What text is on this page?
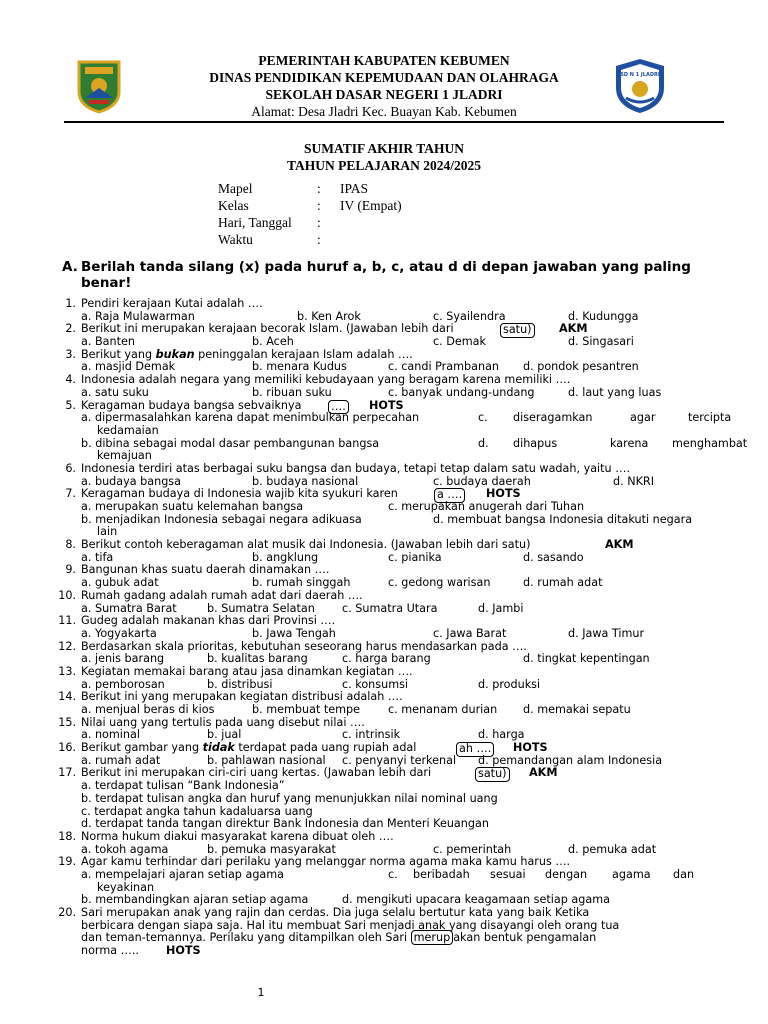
PEMERINTAH KABUPATEN KEBUMEN
DINAS PENDIDIKAN KEPEMUDAAN DAN OLAHRAGA
SEKOLAH DASAR NEGERI 1 JLADRI
Alamat: Desa Jladri Kec. Buayan Kab. Kebumen
SD N 1 JLADRI
SUMATIF AKHIR TAHUN
TAHUN PELAJARAN 2024/2025
Mapel	: IPAS
Kelas	: IV (Empat)
Hari, Tanggal :
Waktu	:
A. Berilah tanda silang (x) pada huruf a, b, c, atau d di depan jawaban yang paling
benar!
1. Pendiri kerajaan Kutai adalah ….
a. Raja Mulawarman	b. Ken Arok	c. Syailendra	d. Kudungga
2. Berikut ini merupakan kerajaan becorak Islam. (Jawaban lebih dari	satu) AKM
a. Banten	b. Aceh	c. Demak	d. Singasari
3. Berikut yang bukan peninggalan kerajaan Islam adalah ….
a. masjid Demak	b. menara Kudus	c. candi Prambanan d. pondok pesantren
4. Indonesia adalah negara yang memiliki kebudayaan yang beragam karena memiliki ….
a. satu suku	b. ribuan suku	c. banyak undang-undang	d. laut yang luas
5. Keragaman budaya bangsa sebvaiknya	…. HOTS
a. dipermasalahkan karena dapat menimbulkan perpecahan	c. diseragamkan	agar	tercipta
kedamaian
b. dibina sebagai modal dasar pembangunan bangsa	d. dihapus	karena menghambat
kemajuan
6. Indonesia terdiri atas berbagai suku bangsa dan budaya, tetapi tetap dalam satu wadah, yaitu ….
a. budaya bangsa	b. budaya nasional	c. budaya daerah	d. NKRI
7. Keragaman budaya di Indonesia wajib kita syukuri karen	a …. HOTS
a. merupakan suatu kelemahan bangsa	c. merupakan anugerah dari Tuhan
b. menjadikan Indonesia sebagai negara adikuasa	d. membuat bangsa Indonesia ditakuti negara
lain
8. Berikut contoh keberagaman alat musik dai Indonesia. (Jawaban lebih dari satu)	AKM
a. tifa	b. angklung	c. pianika	d. sasando
9. Bangunan khas suatu daerah dinamakan ….
a. gubuk adat	b. rumah singgah	c. gedong warisan	d. rumah adat
10. Rumah gadang adalah rumah adat dari daerah ….
a. Sumatra Barat	b. Sumatra Selatan c. Sumatra Utara	d. Jambi
11. Gudeg adalah makanan khas dari Provinsi ….
a. Yogyakarta	b. Jawa Tengah	c. Jawa Barat	d. Jawa Timur
12. Berdasarkan skala prioritas, kebutuhan seseorang harus mendasarkan pada ….
a. jenis barang	b. kualitas barang	c. harga barang	d. tingkat kepentingan
13. Kegiatan memakai barang atau jasa dinamkan kegiatan ….
a. pemborosan	b. distribusi	c. konsumsi	d. produksi
14. Berikut ini yang merupakan kegiatan distribusi adalah ….
a. menjual beras di kios	b. membuat tempe c. menanam durian d. memakai sepatu
15. Nilai uang yang tertulis pada uang disebut nilai ….
a. nominal	b. jual	c. intrinsik	d. harga
16. Berikut gambar yang tidak terdapat pada uang rupiah adal	ah …. HOTS
a. rumah adat	b. pahlawan nasional c. penyanyi terkenal d. pemandangan alam Indonesia
17. Berikut ini merupakan ciri-ciri uang kertas. (Jawaban lebih dari	satu) AKM
a. terdapat tulisan “Bank Indonesia”
b. terdapat tulisan angka dan huruf yang menunjukkan nilai nominal uang
c. terdapat angka tahun kadaluarsa uang
d. terdapat tanda tangan direktur Bank Indonesia dan Menteri Keuangan
18. Norma hukum diakui masyarakat karena dibuat oleh ….
a. tokoh agama	b. pemuka masyarakat	c. pemerintah	d. pemuka adat
19. Agar kamu terhindar dari perilaku yang melanggar norma agama maka kamu harus ….
a. mempelajari ajaran setiap agama	c. beribadah sesuai dengan agama dan
keyakinan
b. membandingkan ajaran setiap agama	d. mengikuti upacara keagamaan setiap agama
20. Sari merupakan anak yang rajin dan cerdas. Dia juga selalu bertutur kata yang baik Ketika
berbicara dengan siapa saja. Hal itu membuat Sari menjadi anak yang disayangi oleh orang tua
dan teman-temannya. Perilaku yang ditampilkan oleh Sari merup akan bentuk pengamalan
norma ….. HOTS
1
